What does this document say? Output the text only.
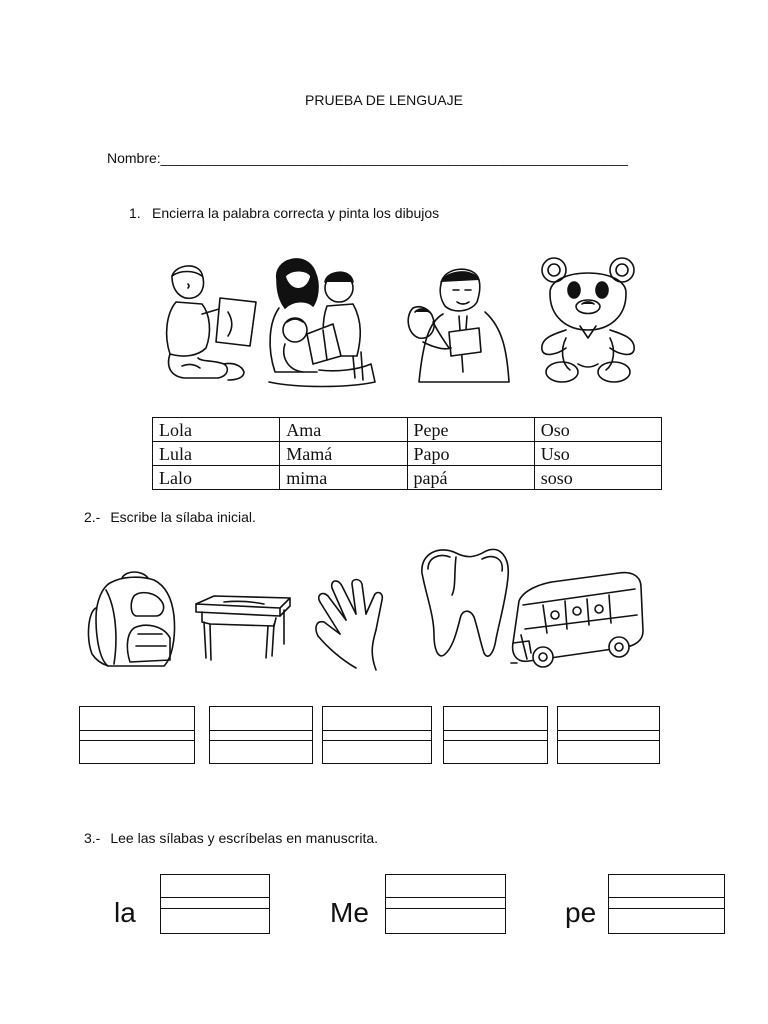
PRUEBA DE LENGUAJE
Nombre:____________________________________________________________
1. Encierra la palabra correcta y pinta los dibujos
Lola	Ama	Pepe	Oso
Lula	Mamá	Papo	Uso
Lalo	mima	papá	soso
2.- Escribe la sílaba inicial.
3.- Lee las sílabas y escríbelas en manuscrita.
la	Me	pe
